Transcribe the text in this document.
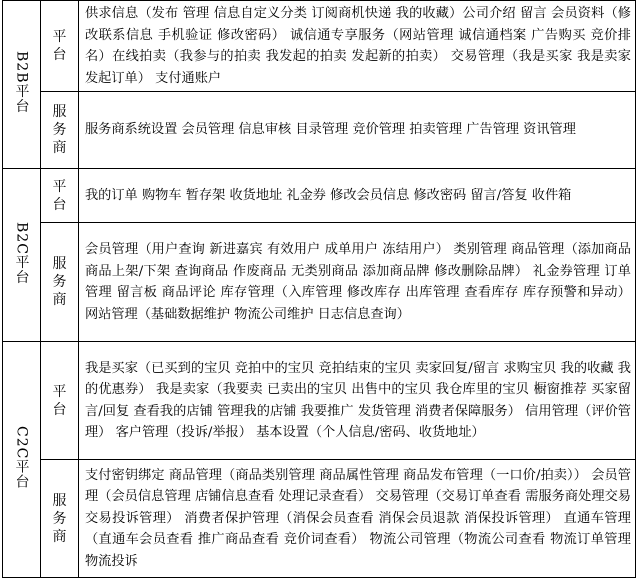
B2B平台	平台	供求信息（发布 管理 信息自定义分类 订阅商机快递 我的收藏）公司介绍 留言 会员资料（修改联系信息 手机验证 修改密码） 诚信通专享服务（网站管理 诚信通档案 广告购买 竞价排名）在线拍卖（我参与的拍卖 我发起的拍卖 发起新的拍卖） 交易管理（我是买家 我是卖家 发起订单） 支付通账户
	服务商	服务商系统设置 会员管理 信息审核 目录管理 竞价管理 拍卖管理 广告管理 资讯管理
B2C平台	平台	我的订单 购物车 暂存架 收货地址 礼金券 修改会员信息 修改密码 留言/答复 收件箱
	服务商	会员管理（用户查询 新进嘉宾 有效用户 成单用户 冻结用户） 类别管理 商品管理（添加商品 商品上架/下架 查询商品 作废商品 无类别商品 添加商品牌 修改删除品牌） 礼金券管理 订单管理 留言板 商品评论 库存管理（入库管理 修改库存 出库管理 查看库存 库存预警和异动） 网站管理（基础数据维护 物流公司维护 日志信息查询）
C2C平台	平台	我是买家（已买到的宝贝 竞拍中的宝贝 竞拍结束的宝贝 卖家回复/留言 求购宝贝 我的收藏 我的优惠券） 我是卖家（我要卖 已卖出的宝贝 出售中的宝贝 我仓库里的宝贝 橱窗推荐 买家留言/回复 查看我的店铺 管理我的店铺 我要推广 发货管理 消费者保障服务） 信用管理（评价管理） 客户管理（投诉/举报） 基本设置（个人信息/密码、收货地址）
	服务商	支付密钥绑定 商品管理（商品类别管理 商品属性管理 商品发布管理（一口价/拍卖）） 会员管理（会员信息管理 店铺信息查看 处理记录查看） 交易管理（交易订单查看 需服务商处理交易 交易投诉管理） 消费者保护管理（消保会员查看 消保会员退款 消保投诉管理） 直通车管理（直通车会员查看 推广商品查看 竞价词查看） 物流公司管理（物流公司查看 物流订单管理 物流投诉
